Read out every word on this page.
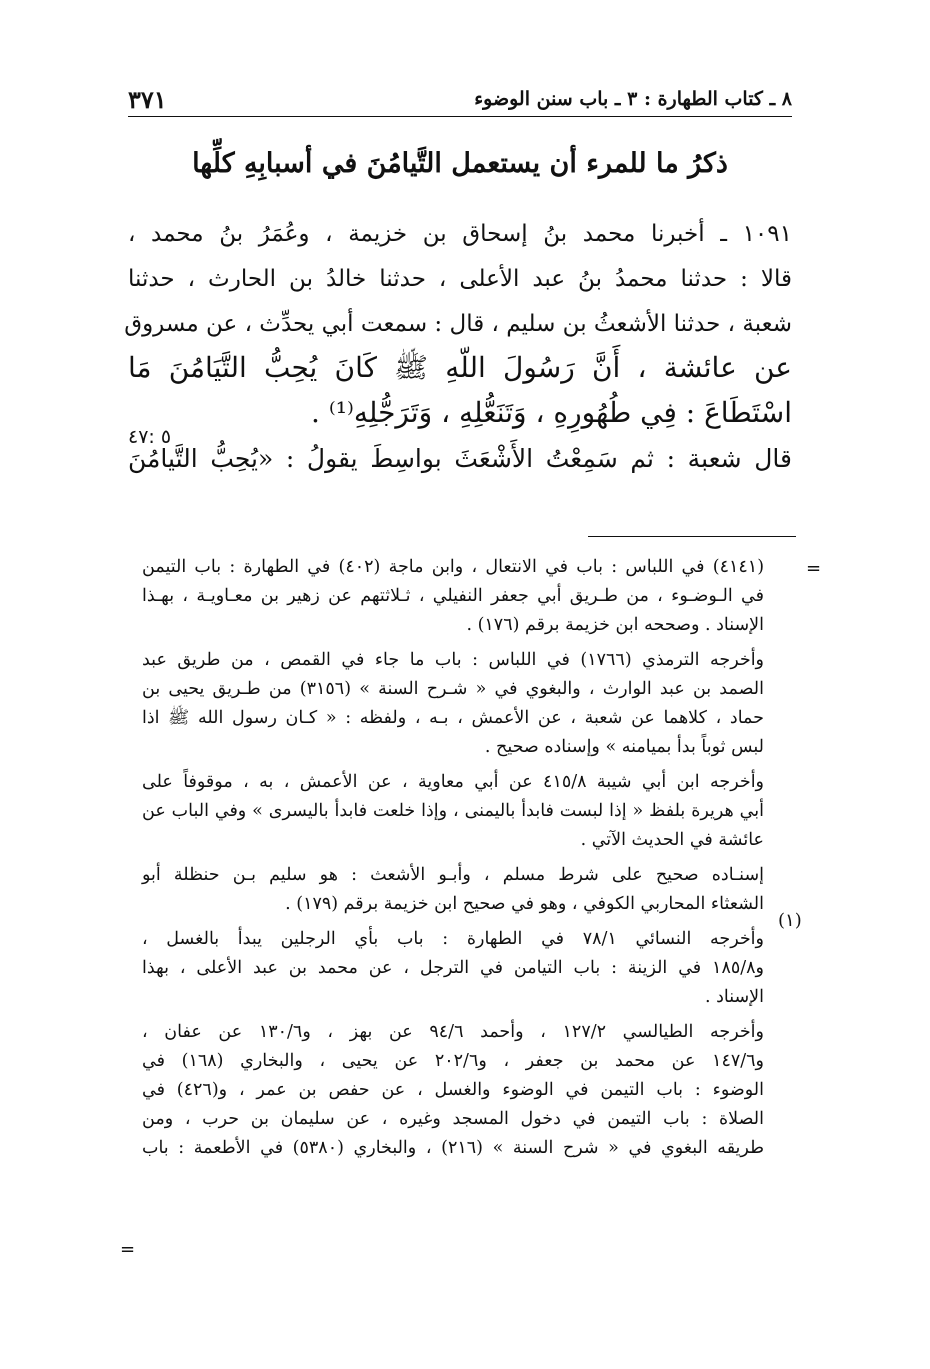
٨ ـ كتاب الطهارة : ٣ ـ باب سنن الوضوء
٣٧١
ذكرُ ما للمرء أن يستعمل التَّيامُنَ في أسبابِهِ كلِّها
١٠٩١ ـ أخبرنا محمد بنُ إسحاق بن خزيمة ، وعُمَرُ بنُ محمد ،
قالا : حدثنا محمدُ بنُ عبد الأعلى ، حدثنا خالدُ بن الحارث ، حدثنا
شعبة ، حدثنا الأشعثُ بن سليم ، قال : سمعت أبي يحدِّث ، عن مسروق
عن عائشة ، أَنَّ رَسُولَ اللّهِ ﷺ كَانَ يُحِبُّ التَّيَامُنَ مَا
اسْتَطَاعَ : فِي طُهُورِهِ ، وَتَنَعُّلِهِ ، وَتَرَجُّلِهِ⁽¹⁾ .
٥ :٤٧
قال شعبة : ثم سَمِعْتُ الأَشْعَثَ بواسِطَ يقولُ : «يُحِبُّ التَّيامُنَ
=
(١)
=
(٤١٤١) في اللباس : باب في الانتعال ، وابن ماجة (٤٠٢) في الطهارة : باب التيمن
في الـوضـوء ، من طـريق أبي جعفر النفيلي ، ثـلاثتهم عن زهير بن معـاويـة ، بهـذا
الإسناد . وصححه ابن خزيمة برقم (١٧٦) .
وأخرجه الترمذي (١٧٦٦) في اللباس : باب ما جاء في القمص ، من طريق عبد
الصمد بن عبد الوارث ، والبغوي في « شـرح السنة » (٣١٥٦) من طـريق يحيى بن
حماد ، كلاهما عن شعبة ، عن الأعمش ، بـه ، ولفظه : « كـان رسول الله ﷺ اذا
لبس ثوباً بدأ بميامنه » وإسناده صحيح .
وأخرجه ابن أبي شيبة ٤١٥/٨ عن أبي معاوية ، عن الأعمش ، به ، موقوفاً على
أبي هريرة بلفظ « إذا لبست فابدأ باليمنى ، وإذا خلعت فابدأ باليسرى » وفي الباب عن
عائشة في الحديث الآتي .
إسنـاده صحيح على شرط مسلم ، وأبـو الأشعث : هو سليم بـن حنظلة أبو
الشعثاء المحاربي الكوفي ، وهو في صحيح ابن خزيمة برقم (١٧٩) .
وأخرجه النسائي ٧٨/١ في الطهارة : باب بأي الرجلين يبدأ بالغسل ،
و١٨٥/٨ في الزينة : باب التيامن في الترجل ، عن محمد بن عبد الأعلى ، بهذا
الإسناد .
وأخرجه الطيالسي ١٢٧/٢ ، وأحمد ٩٤/٦ عن بهز ، و١٣٠/٦ عن عفان ،
و١٤٧/٦ عن محمد بن جعفر ، و٢٠٢/٦ عن يحيى ، والبخاري (١٦٨) في
الوضوء : باب التيمن في الوضوء والغسل ، عن حفص بن عمر ، و(٤٢٦) في
الصلاة : باب التيمن في دخول المسجد وغيره ، عن سليمان بن حرب ، ومن
طريقه البغوي في « شرح السنة » (٢١٦) ، والبخاري (٥٣٨٠) في الأطعمة : باب
